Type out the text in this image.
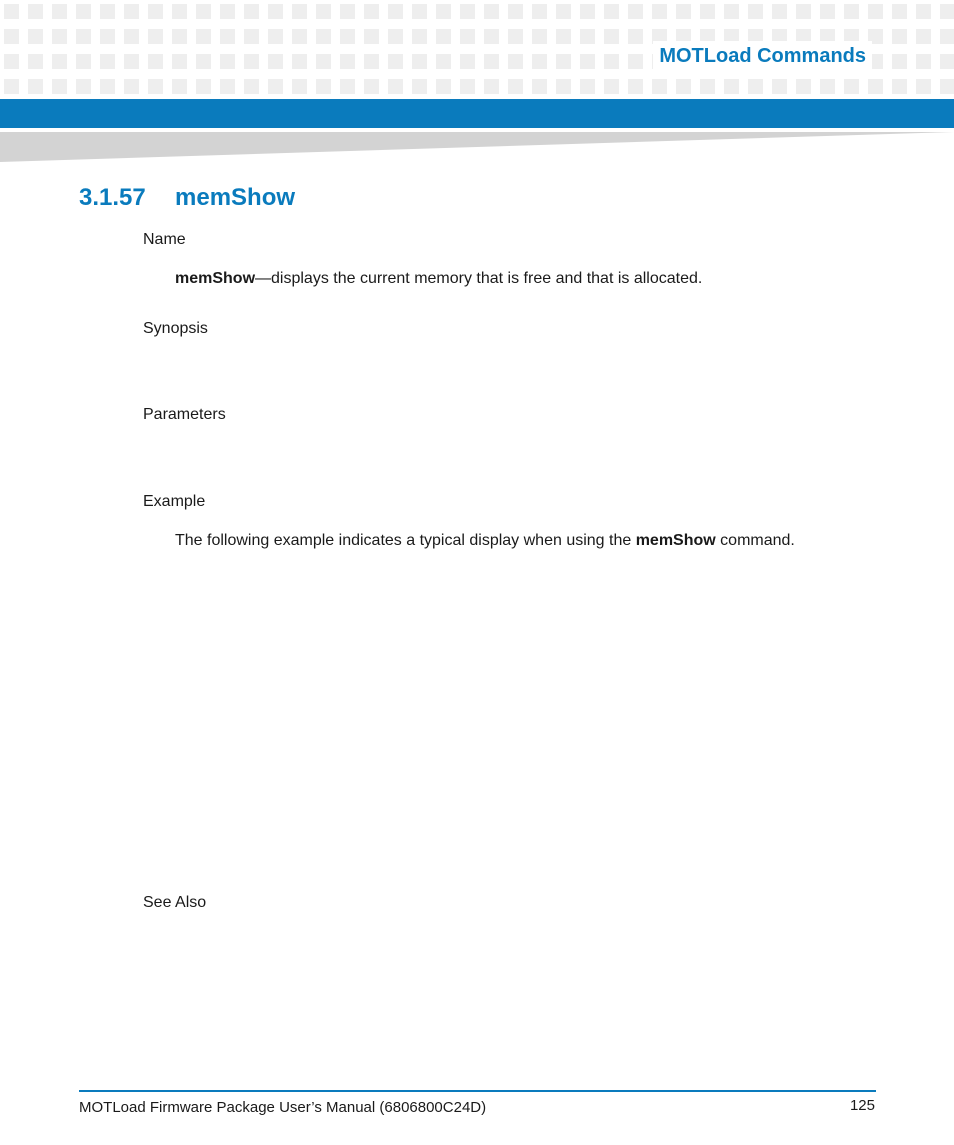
MOTLoad Commands
3.1.57 memShow

Name

memShow—displays the current memory that is free and that is allocated.

Synopsis

Parameters

Example

The following example indicates a typical display when using the memShow command.

See Also

MOTLoad Firmware Package User’s Manual (6806800C24D)	125
